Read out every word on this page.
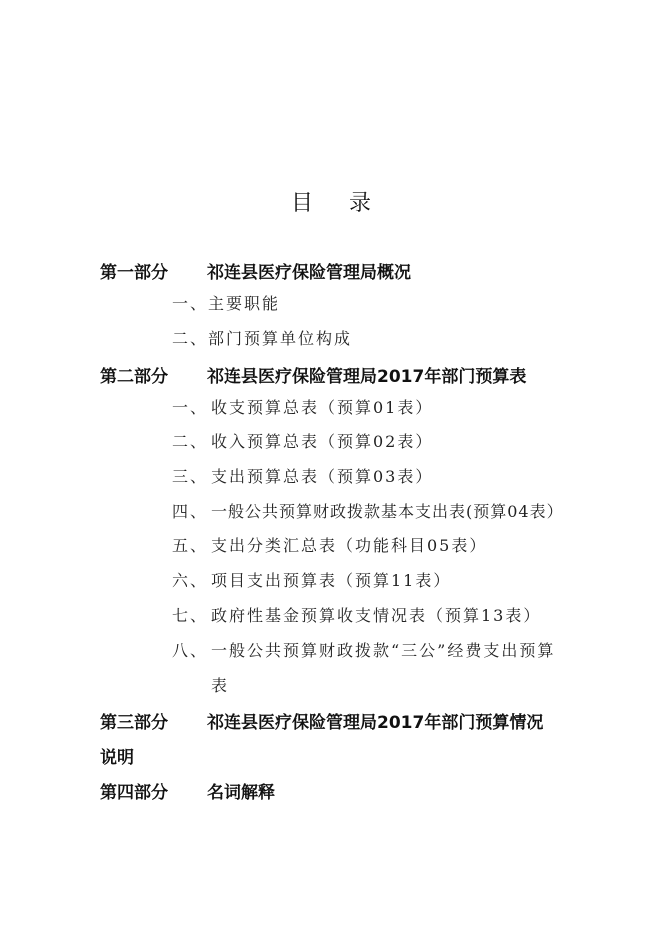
目 录
第一部分 祁连县医疗保险管理局概况
一、 主要职能
二、 部门预算单位构成
第二部分 祁连县医疗保险管理局2017年部门预算表
一、 收支预算总表（预算01表）
二、 收入预算总表（预算02表）
三、 支出预算总表（预算03表）
四、 一般公共预算财政拨款基本支出表(预算04表）
五、 支出分类汇总表（功能科目05表）
六、 项目支出预算表（预算11表）
七、 政府性基金预算收支情况表（预算13表）
八、 一般公共预算财政拨款“三公”经费支出预算
表
第三部分 祁连县医疗保险管理局2017年部门预算情况
说明
第四部分 名词解释
